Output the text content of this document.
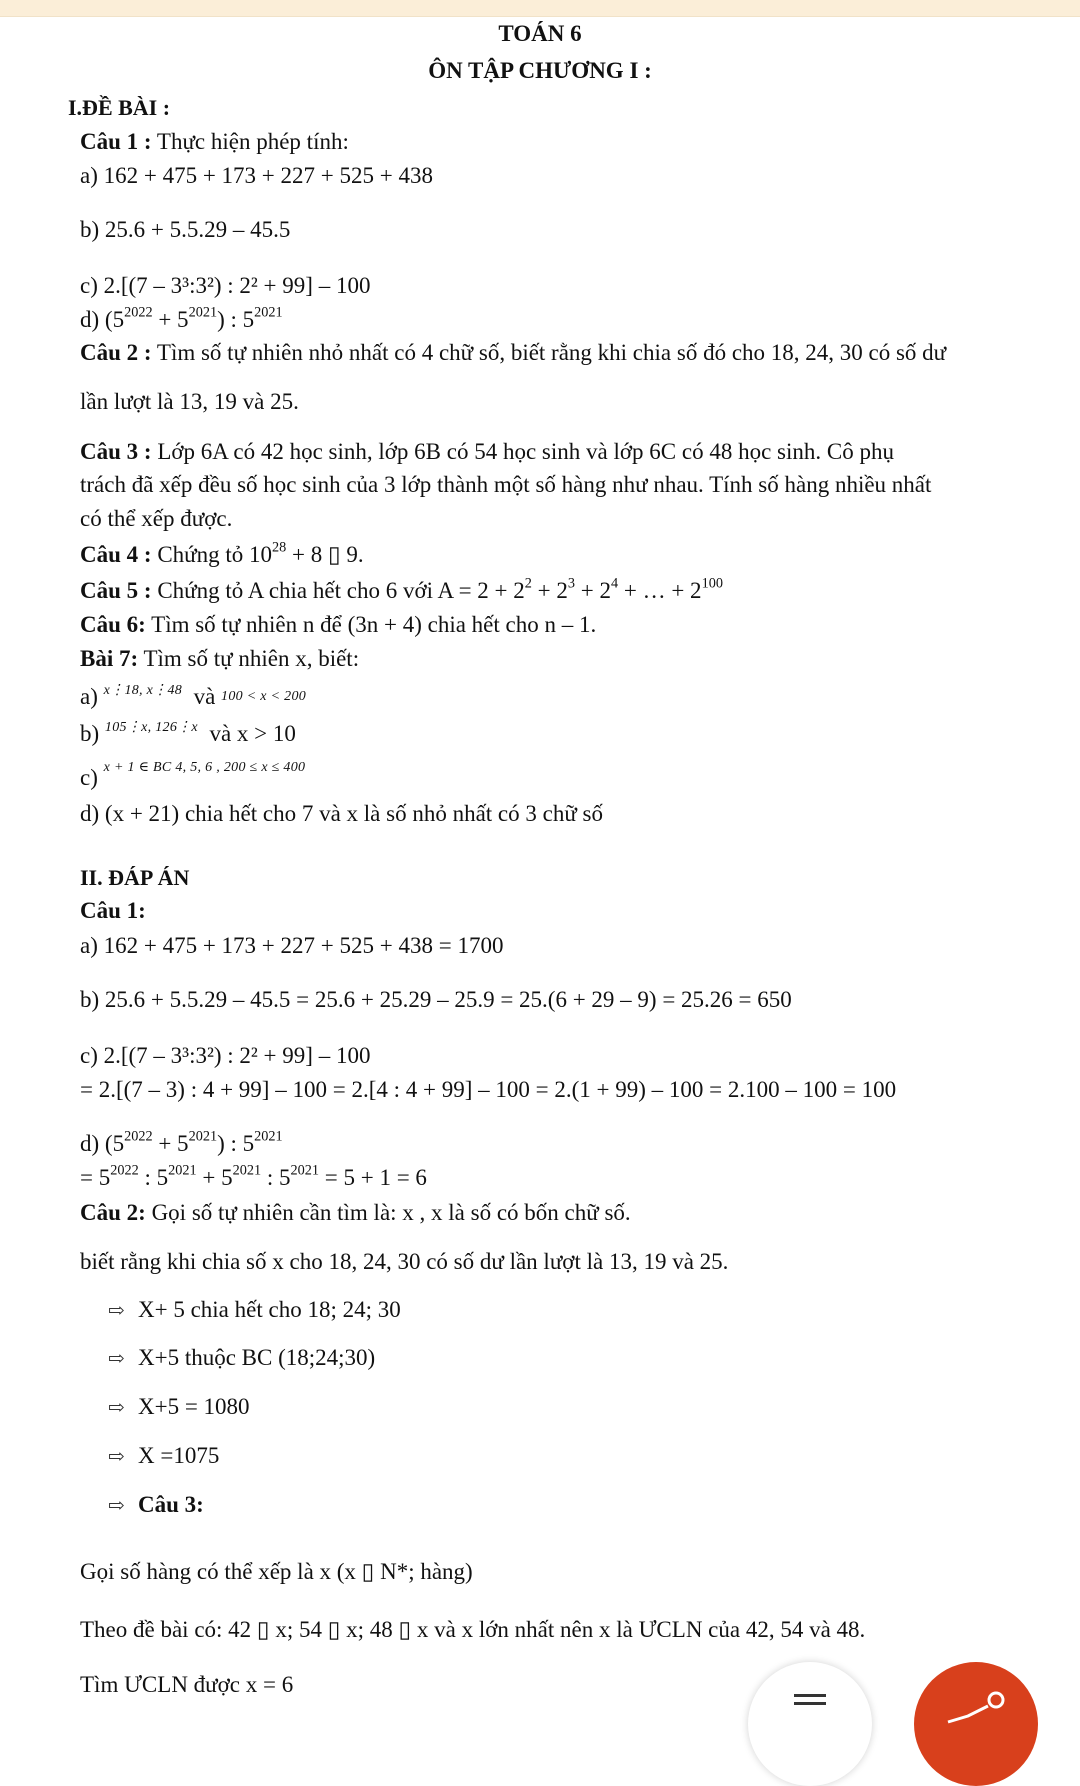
TOÁN 6
ÔN TẬP CHƯƠNG I :
I.ĐỀ BÀI :
Câu 1 : Thực hiện phép tính:
a) 162 + 475 + 173 + 227 + 525 + 438
b) 25.6 + 5.5.29 – 45.5
c) 2.[(7 – 3³:3²) : 2² + 99] – 100
d) $(5^{2022} + 5^{2021})$ : $5^{2021}$
Câu 2 : Tìm số tự nhiên nhỏ nhất có 4 chữ số, biết rằng khi chia số đó cho 18, 24, 30 có số dư
lần lượt là 13, 19 và 25.
Câu 3 : Lớp 6A có 42 học sinh, lớp 6B có 54 học sinh và lớp 6C có 48 học sinh. Cô phụ
trách đã xếp đều số học sinh của 3 lớp thành một số hàng như nhau. Tính số hàng nhiều nhất
có thể xếp được.
Câu 4 : Chứng tỏ $10^{28} + 8$ ▯ 9.
Câu 5 : Chứng tỏ A chia hết cho 6 với $A = 2 + 2^2 + 2^3 + 2^4$ + … + $2^{100}$
Câu 6: Tìm số tự nhiên n để (3n + 4) chia hết cho n – 1.
Bài 7: Tìm số tự nhiên x, biết:
a) $^{x⋮18, x⋮48}$ và 100 < x < 200
b) $^{105⋮x, 126⋮x}$ và x > 10
c) $^{x + 1 \in BC 4, 5, 6 , 200 \le x \le 400}$
d) (x + 21) chia hết cho 7 và x là số nhỏ nhất có 3 chữ số
II. ĐÁP ÁN
Câu 1:
a) 162 + 475 + 173 + 227 + 525 + 438 = 1700
b) 25.6 + 5.5.29 – 45.5 = 25.6 + 25.29 – 25.9 = 25.(6 + 29 – 9) = 25.26 = 650
c) 2.[(7 – 3³:3²) : 2² + 99] – 100
= 2.[(7 – 3) : 4 + 99] – 100 = 2.[4 : 4 + 99] – 100 = 2.(1 + 99) – 100 = 2.100 – 100 = 100
d) $(5^{2022} + 5^{2021})$ : $5^{2021}$
= $5^{2022}$ : $5^{2021} + 5^{2021}$ : $5^{2021} = 5 + 1 = 6$
Câu 2: Gọi số tự nhiên cần tìm là: x , x là số có bốn chữ số.
biết rằng khi chia số x cho 18, 24, 30 có số dư lần lượt là 13, 19 và 25.
⇨ X+ 5 chia hết cho 18; 24; 30
⇨ X+5 thuộc BC (18;24;30)
⇨ X+5 = 1080
⇨ X =1075
⇨ Câu 3:
Gọi số hàng có thể xếp là x (x ▯ N*; hàng)
Theo đề bài có: 42 ▯ x; 54 ▯ x; 48 ▯ x và x lớn nhất nên x là ƯCLN của 42, 54 và 48.
Tìm ƯCLN được x = 6
